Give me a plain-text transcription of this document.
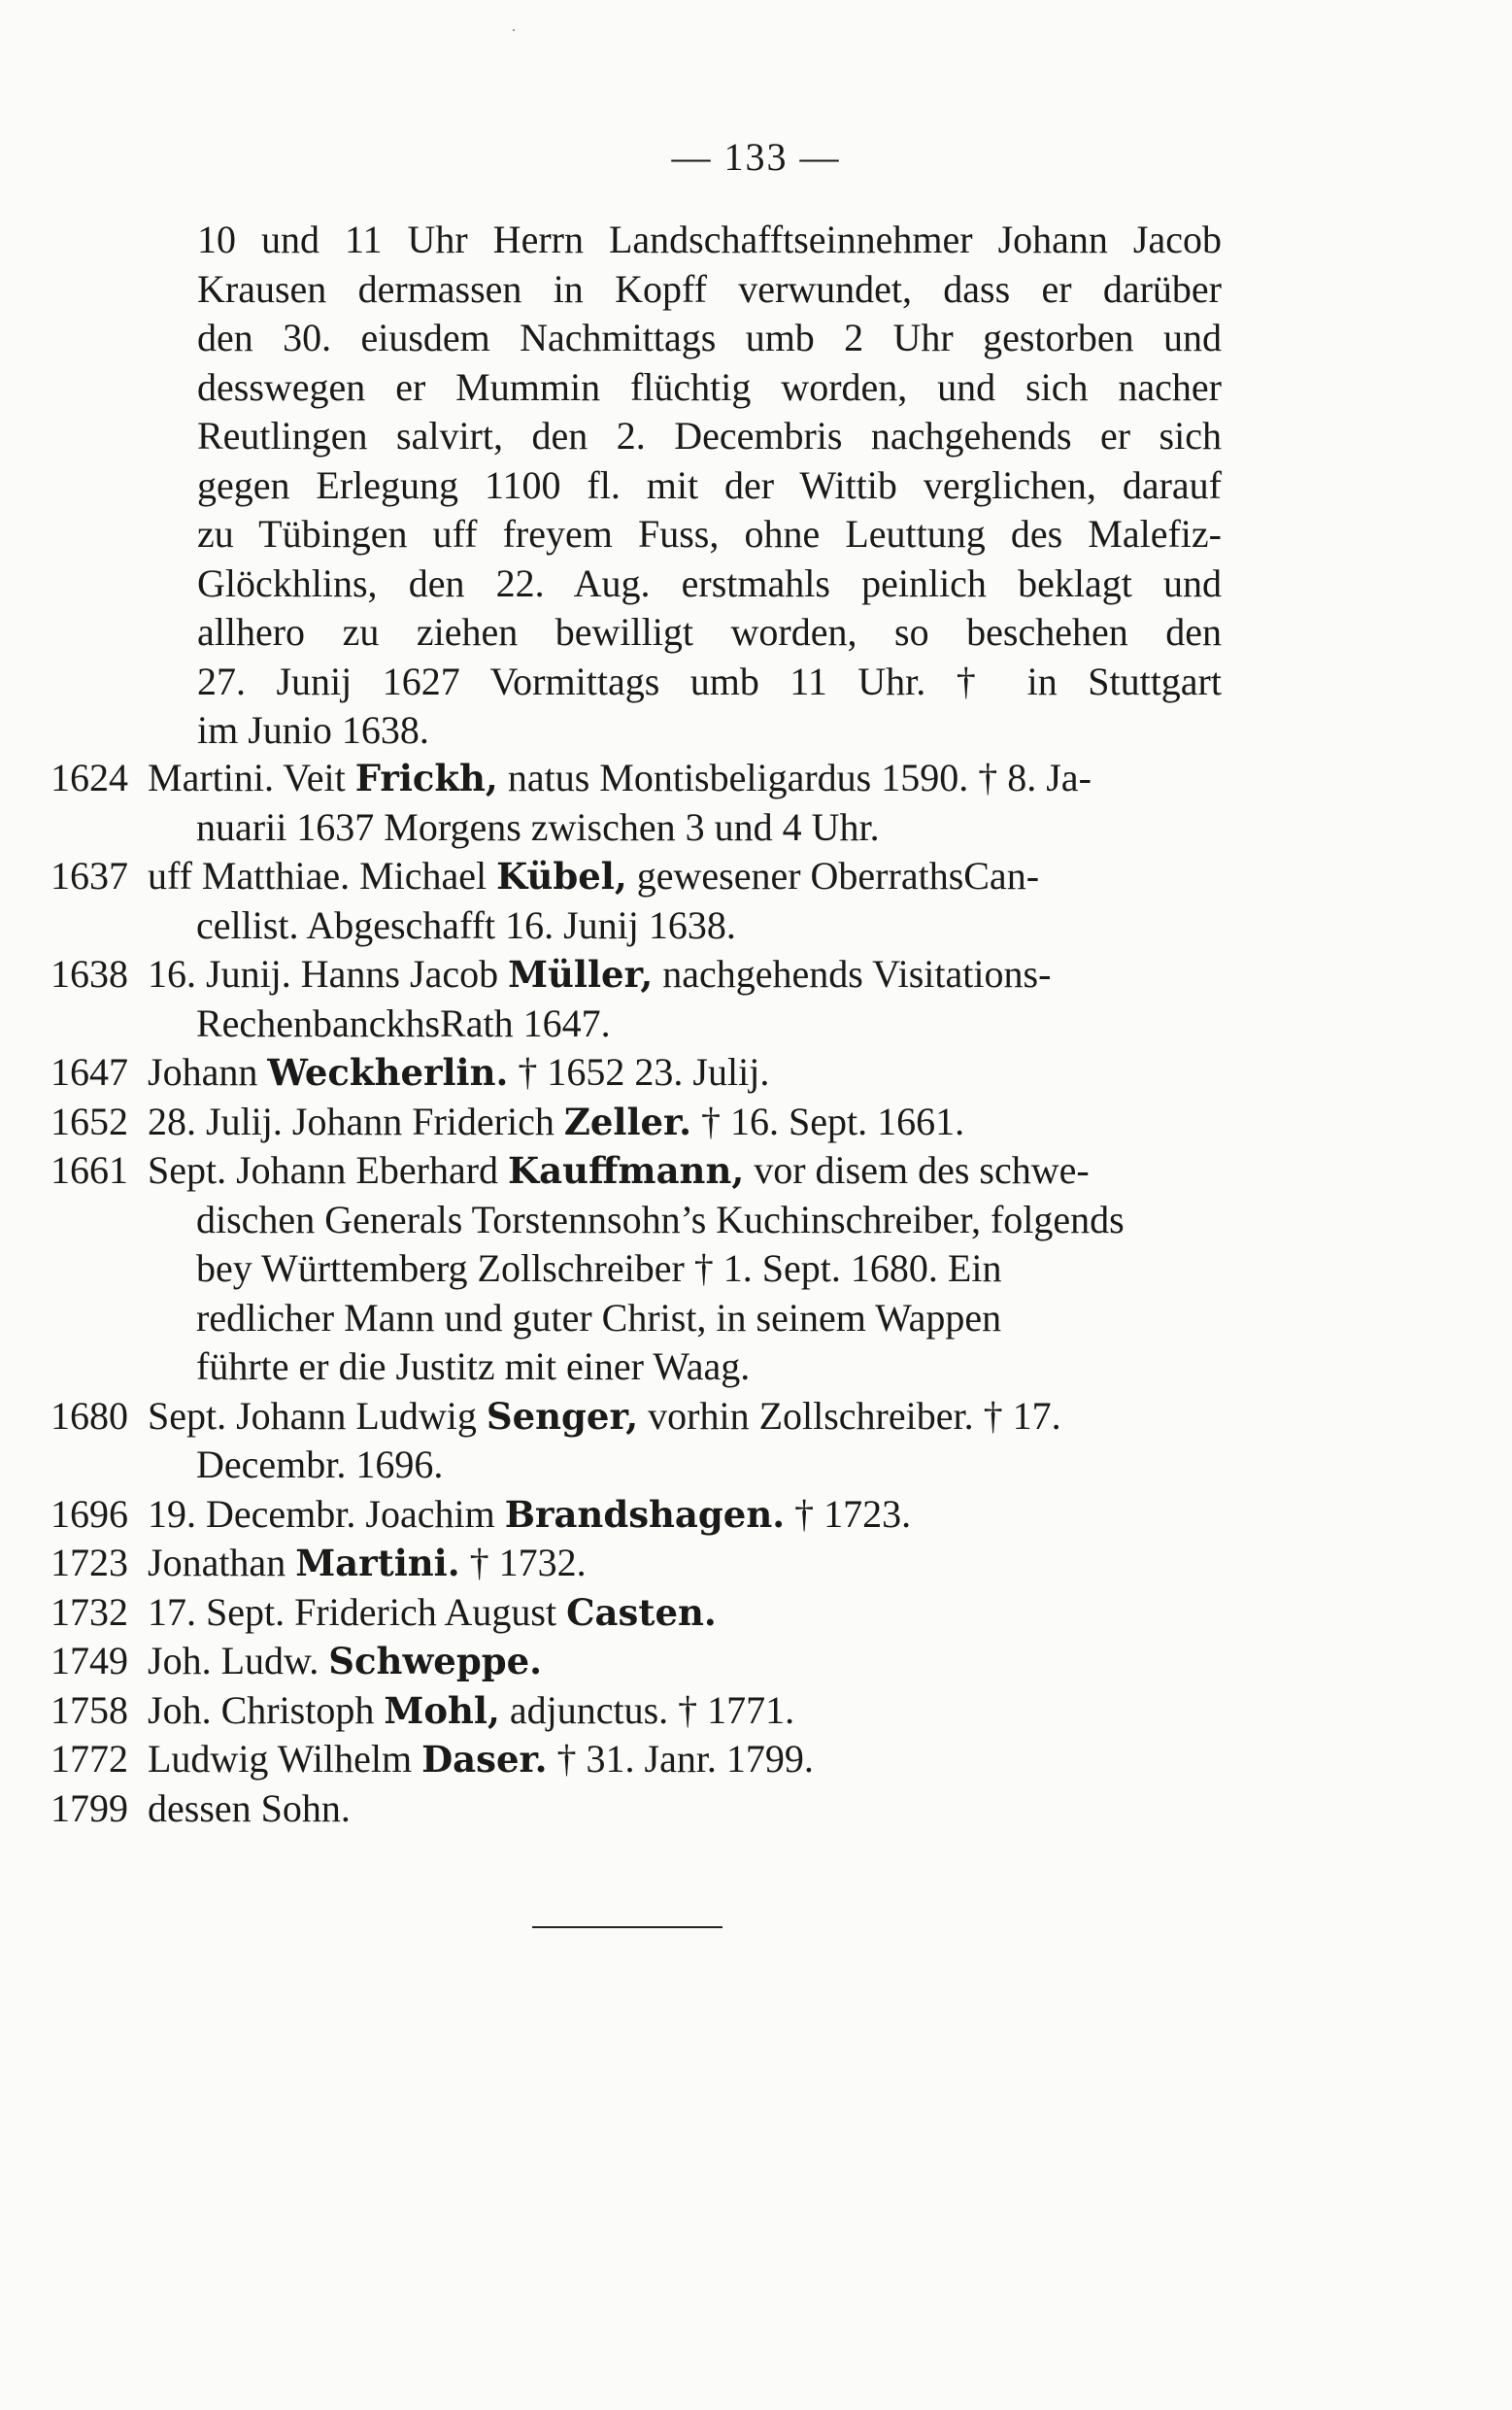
— 133 —
10 und 11 Uhr Herrn Landschafftseinnehmer Johann Jacob
Krausen dermassen in Kopff verwundet, dass er darüber
den 30. eiusdem Nachmittags umb 2 Uhr gestorben und
desswegen er Mummin flüchtig worden, und sich nacher
Reutlingen salvirt, den 2. Decembris nachgehends er sich
gegen Erlegung 1100 fl. mit der Wittib verglichen, darauf
zu Tübingen uff freyem Fuss, ohne Leuttung des Malefiz-
Glöckhlins, den 22. Aug. erstmahls peinlich beklagt und
allhero zu ziehen bewilligt worden, so beschehen den
27. Junij 1627 Vormittags umb 11 Uhr. † in Stuttgart
im Junio 1638.
1624 Martini. Veit Frickh, natus Montisbeligardus 1590. † 8. Ja-
nuarii 1637 Morgens zwischen 3 und 4 Uhr.
1637 uff Matthiae. Michael Kübel, gewesener OberrathsCan-
cellist. Abgeschafft 16. Junij 1638.
1638 16. Junij. Hanns Jacob Müller, nachgehends Visitations-
RechenbanckhsRath 1647.
1647 Johann Weckherlin. † 1652 23. Julij.
1652 28. Julij. Johann Friderich Zeller. † 16. Sept. 1661.
1661 Sept. Johann Eberhard Kauffmann, vor disem des schwe-
dischen Generals Torstennsohn’s Kuchinschreiber, folgends
bey Württemberg Zollschreiber † 1. Sept. 1680. Ein
redlicher Mann und guter Christ, in seinem Wappen
führte er die Justitz mit einer Waag.
1680 Sept. Johann Ludwig Senger, vorhin Zollschreiber. † 17.
Decembr. 1696.
1696 19. Decembr. Joachim Brandshagen. † 1723.
1723 Jonathan Martini. † 1732.
1732 17. Sept. Friderich August Casten.
1749 Joh. Ludw. Schweppe.
1758 Joh. Christoph Mohl, adjunctus. † 1771.
1772 Ludwig Wilhelm Daser. † 31. Janr. 1799.
1799 dessen Sohn.
